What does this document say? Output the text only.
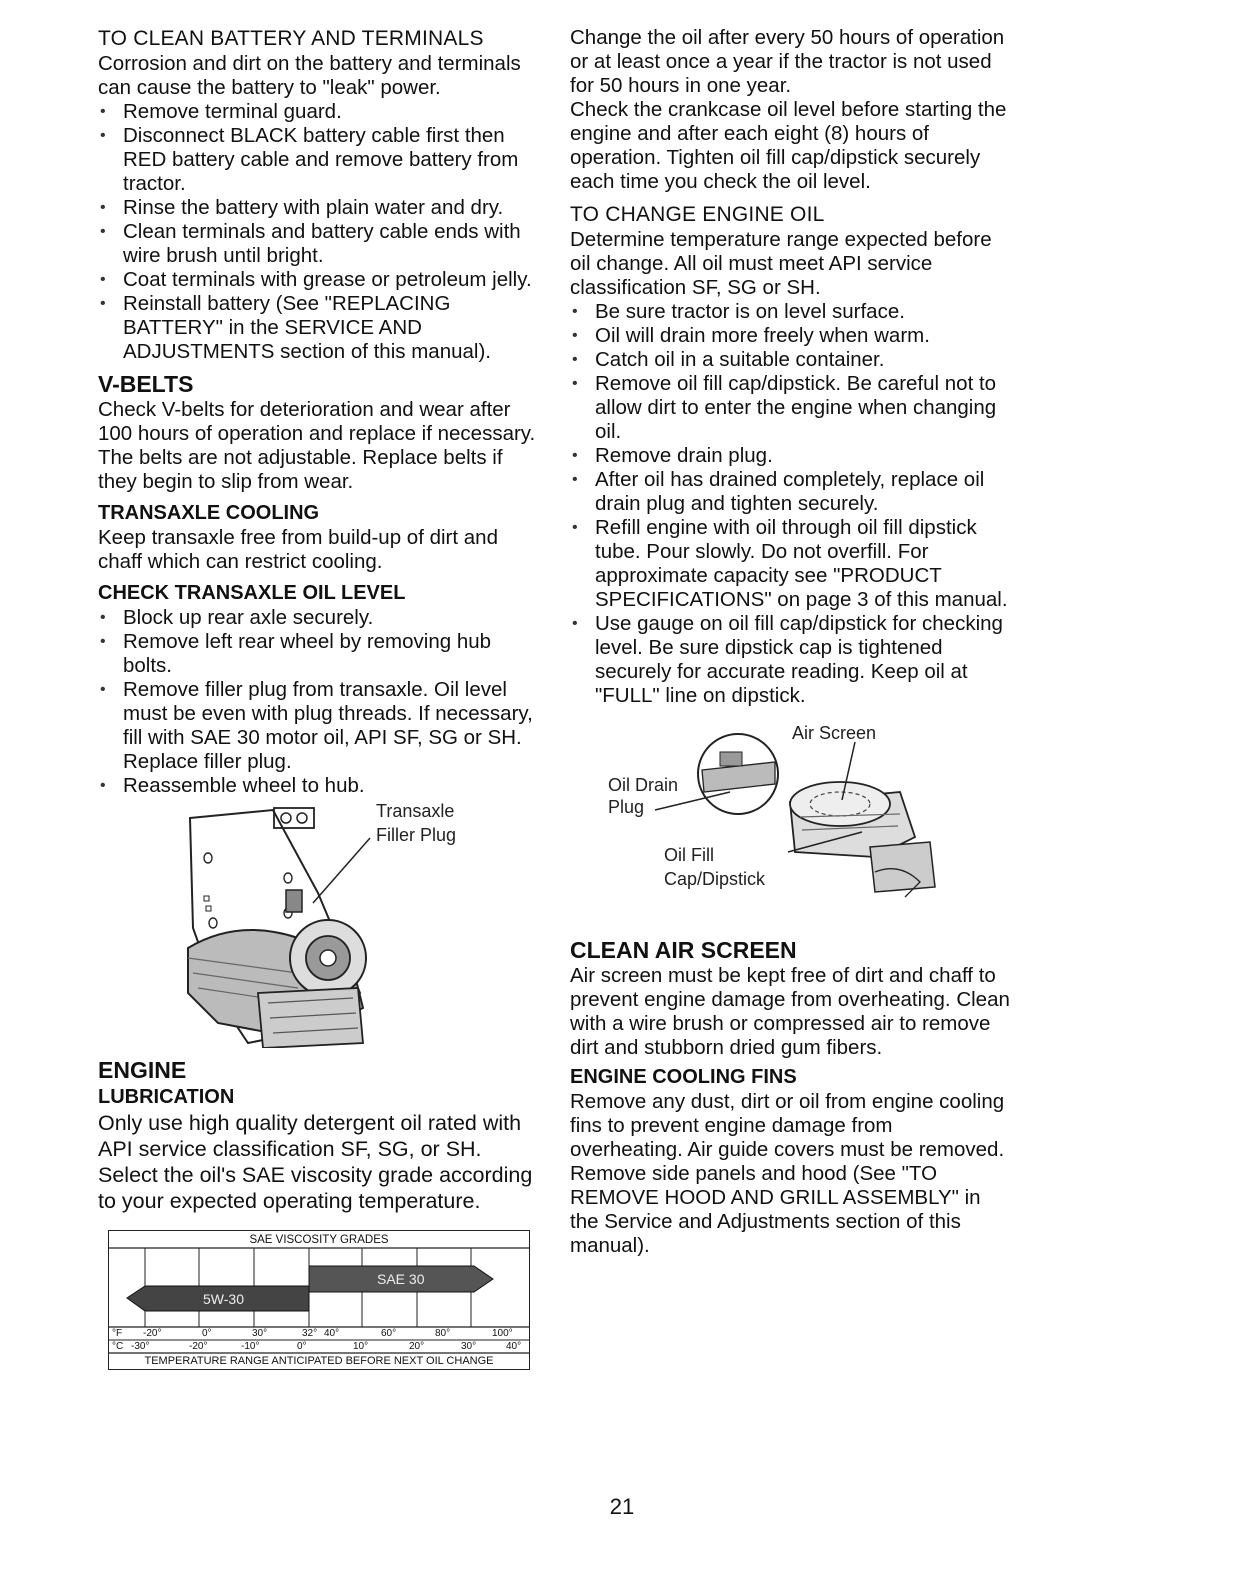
TO CLEAN BATTERY AND TERMINALS

Corrosion and dirt on the battery and terminals can cause the battery to "leak" power.

• Remove terminal guard.
• Disconnect BLACK battery cable first then RED battery cable and remove battery from tractor.
• Rinse the battery with plain water and dry.
• Clean terminals and battery cable ends with wire brush until bright.
• Coat terminals with grease or petroleum jelly.
• Reinstall battery (See "REPLACING BATTERY" in the SERVICE AND ADJUSTMENTS section of this manual).
V-BELTS

Check V-belts for deterioration and wear after 100 hours of operation and replace if necessary. The belts are not adjustable. Replace belts if they begin to slip from wear.

TRANSAXLE COOLING

Keep transaxle free from build-up of dirt and chaff which can restrict cooling.

CHECK TRANSAXLE OIL LEVEL
• Block up rear axle securely.
• Remove left rear wheel by removing hub bolts.
• Remove filler plug from transaxle. Oil level must be even with plug threads. If necessary, fill with SAE 30 motor oil, API SF, SG or SH. Replace filler plug.
• Reassemble wheel to hub.
Transaxle
Filler Plug
ENGINE
LUBRICATION

Only use high quality detergent oil rated with API service classification SF, SG, or SH. Select the oil's SAE viscosity grade according to your expected operating temperature.

SAE VISCOSITY GRADES
SAE 30
5W-30
°F -20°	0°	30°	32° 40°	60°	80°	100°
°C -30°	-20°	-10°	0°	10°	20°	30°	40°
TEMPERATURE RANGE ANTICIPATED BEFORE NEXT OIL CHANGE

Change the oil after every 50 hours of operation or at least once a year if the tractor is not used for 50 hours in one year.

Check the crankcase oil level before starting the engine and after each eight (8) hours of operation. Tighten oil fill cap/dipstick securely each time you check the oil level.

TO CHANGE ENGINE OIL

Determine temperature range expected before oil change. All oil must meet API service classification SF, SG or SH.

• Be sure tractor is on level surface.
• Oil will drain more freely when warm.
• Catch oil in a suitable container.
• Remove oil fill cap/dipstick. Be careful not to allow dirt to enter the engine when changing oil.
• Remove drain plug.
• After oil has drained completely, replace oil drain plug and tighten securely.
• Refill engine with oil through oil fill dipstick tube. Pour slowly. Do not overfill. For approximate capacity see "PRODUCT SPECIFICATIONS" on page 3 of this manual.
• Use gauge on oil fill cap/dipstick for checking level. Be sure dipstick cap is tightened securely for accurate reading. Keep oil at "FULL" line on dipstick.
Air Screen
Oil Drain
Plug
Oil Fill
Cap/Dipstick
CLEAN AIR SCREEN

Air screen must be kept free of dirt and chaff to prevent engine damage from overheating. Clean with a wire brush or compressed air to remove dirt and stubborn dried gum fibers.

ENGINE COOLING FINS

Remove any dust, dirt or oil from engine cooling fins to prevent engine damage from overheating. Air guide covers must be removed. Remove side panels and hood (See "TO REMOVE HOOD AND GRILL ASSEMBLY" in the Service and Adjustments section of this manual).

21
